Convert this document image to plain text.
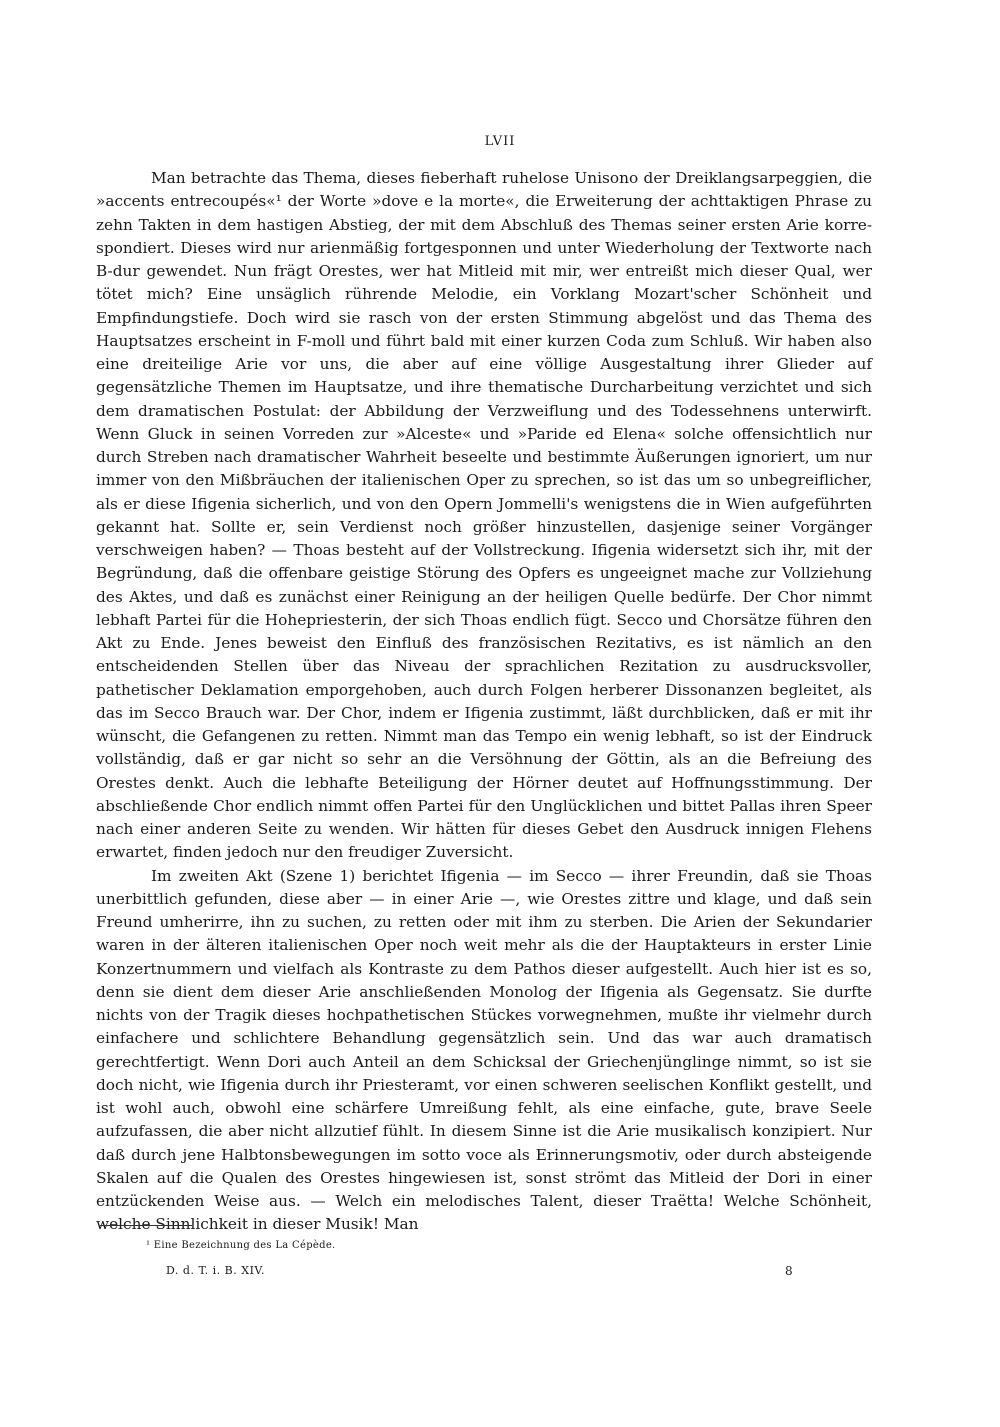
LVII

Man betrachte das Thema, dieses fieberhaft ruhelose Unisono der Dreiklangsarpeggien, die »accents entrecoupés«¹ der Worte »dove e la morte«, die Erweiterung der achttaktigen Phrase zu zehn Takten in dem hastigen Abstieg, der mit dem Abschluß des Themas seiner ersten Arie korrespondiert. Dieses wird nur arienmäßig fortgesponnen und unter Wiederholung der Textworte nach B-dur gewendet. Nun frägt Orestes, wer hat Mitleid mit mir, wer entreißt mich dieser Qual, wer tötet mich? Eine unsäglich rührende Melodie, ein Vorklang Mozart'scher Schönheit und Empfindungstiefe. Doch wird sie rasch von der ersten Stimmung abgelöst und das Thema des Hauptsatzes erscheint in F-moll und führt bald mit einer kurzen Coda zum Schluß. Wir haben also eine dreiteilige Arie vor uns, die aber auf eine völlige Ausgestaltung ihrer Glieder auf gegensätzliche Themen im Hauptsatze, und ihre thematische Durcharbeitung verzichtet und sich dem dramatischen Postulat: der Abbildung der Verzweiflung und des Todessehnens unterwirft. Wenn Gluck in seinen Vorreden zur »Alceste« und »Paride ed Elena« solche offensichtlich nur durch Streben nach dramatischer Wahrheit beseelte und bestimmte Äußerungen ignoriert, um nur immer von den Mißbräuchen der italienischen Oper zu sprechen, so ist das um so unbegreiflicher, als er diese Ifigenia sicherlich, und von den Opern Jommelli's wenigstens die in Wien aufgeführten gekannt hat. Sollte er, sein Verdienst noch größer hinzustellen, dasjenige seiner Vorgänger verschweigen haben? — Thoas besteht auf der Vollstreckung. Ifigenia widersetzt sich ihr, mit der Begründung, daß die offenbare geistige Störung des Opfers es ungeeignet mache zur Vollziehung des Aktes, und daß es zunächst einer Reinigung an der heiligen Quelle bedürfe. Der Chor nimmt lebhaft Partei für die Hohepriesterin, der sich Thoas endlich fügt. Secco und Chorsätze führen den Akt zu Ende. Jenes beweist den Einfluß des französischen Rezitativs, es ist nämlich an den entscheidenden Stellen über das Niveau der sprachlichen Rezitation zu ausdrucksvoller, pathetischer Deklamation emporgehoben, auch durch Folgen herberer Dissonanzen begleitet, als das im Secco Brauch war. Der Chor, indem er Ifigenia zustimmt, läßt durchblicken, daß er mit ihr wünscht, die Gefangenen zu retten. Nimmt man das Tempo ein wenig lebhaft, so ist der Eindruck vollständig, daß er gar nicht so sehr an die Versöhnung der Göttin, als an die Befreiung des Orestes denkt. Auch die lebhafte Beteiligung der Hörner deutet auf Hoffnungsstimmung. Der abschließende Chor endlich nimmt offen Partei für den Unglücklichen und bittet Pallas ihren Speer nach einer anderen Seite zu wenden. Wir hätten für dieses Gebet den Ausdruck innigen Flehens erwartet, finden jedoch nur den freudiger Zuversicht.

Im zweiten Akt (Szene 1) berichtet Ifigenia — im Secco — ihrer Freundin, daß sie Thoas unerbittlich gefunden, diese aber — in einer Arie —, wie Orestes zittre und klage, und daß sein Freund umherirre, ihn zu suchen, zu retten oder mit ihm zu sterben. Die Arien der Sekundarier waren in der älteren italienischen Oper noch weit mehr als die der Hauptakteurs in erster Linie Konzertnummern und vielfach als Kontraste zu dem Pathos dieser aufgestellt. Auch hier ist es so, denn sie dient dem dieser Arie anschließenden Monolog der Ifigenia als Gegensatz. Sie durfte nichts von der Tragik dieses hochpathetischen Stückes vorwegnehmen, mußte ihr vielmehr durch einfachere und schlichtere Behandlung gegensätzlich sein. Und das war auch dramatisch gerechtfertigt. Wenn Dori auch Anteil an dem Schicksal der Griechenjünglinge nimmt, so ist sie doch nicht, wie Ifigenia durch ihr Priesteramt, vor einen schweren seelischen Konflikt gestellt, und ist wohl auch, obwohl eine schärfere Umreißung fehlt, als eine einfache, gute, brave Seele aufzufassen, die aber nicht allzutief fühlt. In diesem Sinne ist die Arie musikalisch konzipiert. Nur daß durch jene Halbtonsbewegungen im sotto voce als Erinnerungsmotiv, oder durch absteigende Skalen auf die Qualen des Orestes hingewiesen ist, sonst strömt das Mitleid der Dori in einer entzückenden Weise aus. — Welch ein melodisches Talent, dieser Traëtta! Welche Schönheit, welche Sinnlichkeit in dieser Musik! Man

¹ Eine Bezeichnung des La Cépède.
D. d. T. i. B. XIV.	8
